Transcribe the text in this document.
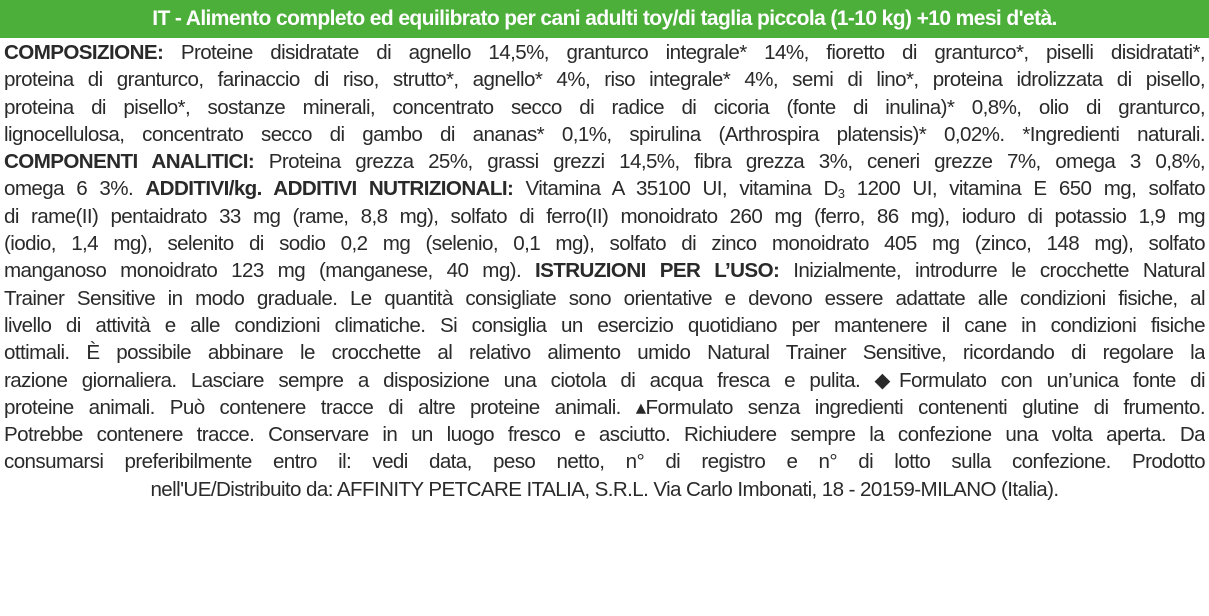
IT - Alimento completo ed equilibrato per cani adulti toy/di taglia piccola (1-10 kg) +10 mesi d'età.
COMPOSIZIONE: Proteine disidratate di agnello 14,5%, granturco integrale* 14%, fioretto di granturco*, piselli disidratati*,
proteina di granturco, farinaccio di riso, strutto*, agnello* 4%, riso integrale* 4%, semi di lino*, proteina idrolizzata di pisello,
proteina di pisello*, sostanze minerali, concentrato secco di radice di cicoria (fonte di inulina)* 0,8%, olio di granturco,
lignocellulosa, concentrato secco di gambo di ananas* 0,1%, spirulina (Arthrospira platensis)* 0,02%. *Ingredienti naturali.
COMPONENTI ANALITICI: Proteina grezza 25%, grassi grezzi 14,5%, fibra grezza 3%, ceneri grezze 7%, omega 3 0,8%,
omega 6 3%. ADDITIVI/kg. ADDITIVI NUTRIZIONALI: Vitamina A 35100 UI, vitamina $D_3$ 1200 UI, vitamina E 650 mg, solfato
di rame(II) pentaidrato 33 mg (rame, 8,8 mg), solfato di ferro(II) monoidrato 260 mg (ferro, 86 mg), ioduro di potassio 1,9 mg
(iodio, 1,4 mg), selenito di sodio 0,2 mg (selenio, 0,1 mg), solfato di zinco monoidrato 405 mg (zinco, 148 mg), solfato
manganoso monoidrato 123 mg (manganese, 40 mg). ISTRUZIONI PER L’USO: Inizialmente, introdurre le crocchette Natural
Trainer Sensitive in modo graduale. Le quantità consigliate sono orientative e devono essere adattate alle condizioni fisiche, al
livello di attività e alle condizioni climatiche. Si consiglia un esercizio quotidiano per mantenere il cane in condizioni fisiche
ottimali. È possibile abbinare le crocchette al relativo alimento umido Natural Trainer Sensitive, ricordando di regolare la
razione giornaliera. Lasciare sempre a disposizione una ciotola di acqua fresca e pulita. ◆Formulato con un’unica fonte di
proteine animali. Può contenere tracce di altre proteine animali. ▴Formulato senza ingredienti contenenti glutine di frumento.
Potrebbe contenere tracce. Conservare in un luogo fresco e asciutto. Richiudere sempre la confezione una volta aperta. Da
consumarsi preferibilmente entro il: vedi data, peso netto, n° di registro e n° di lotto sulla confezione. Prodotto
nell'UE/Distribuito da: AFFINITY PETCARE ITALIA, S.R.L. Via Carlo Imbonati, 18 - 20159-MILANO (Italia).
